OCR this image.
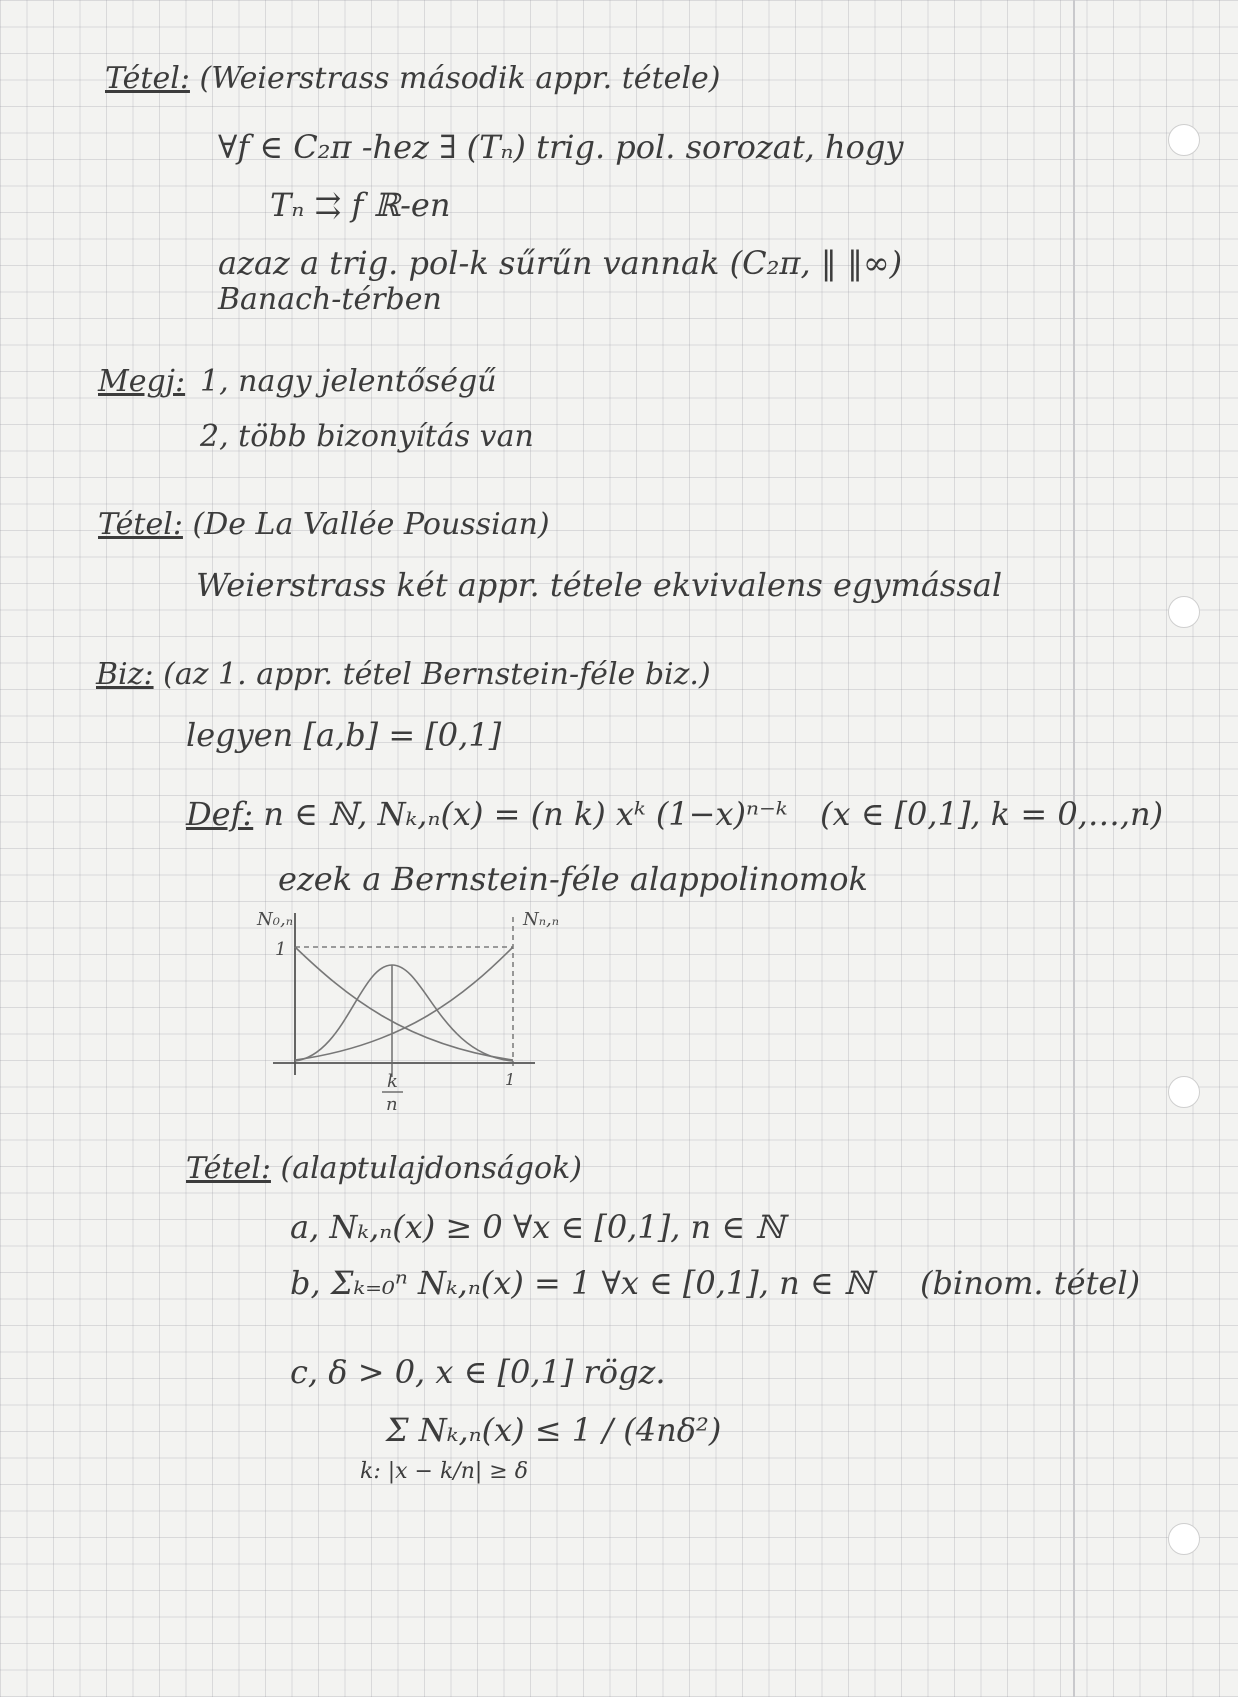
Tétel: (Weierstrass második appr. tétele)
∀f ∈ C₂π -hez ∃ (Tₙ) trig. pol. sorozat, hogy
Tₙ ⇉ f ℝ-en
azaz a trig. pol-k sűrűn vannak (C₂π, ‖ ‖∞)
Banach-térben
Megj: 1, nagy jelentőségű
2, több bizonyítás van
Tétel: (De La Vallée Poussian)
Weierstrass két appr. tétele ekvivalens egymással
Biz: (az 1. appr. tétel Bernstein-féle biz.)
legyen [a,b] = [0,1]
Def: n ∈ ℕ, Nₖ,ₙ(x) = (n k) xᵏ (1−x)ⁿ⁻ᵏ (x ∈ [0,1], k = 0,…,n)
ezek a Bernstein-féle alappolinomok
N₀,ₙ	Nₙ,ₙ
1
1
k
n
Tétel: (alaptulajdonságok)
a, Nₖ,ₙ(x) ≥ 0 ∀x ∈ [0,1], n ∈ ℕ
b, Σₖ₌₀ⁿ Nₖ,ₙ(x) = 1 ∀x ∈ [0,1], n ∈ ℕ (binom. tétel)
c, δ > 0, x ∈ [0,1] rögz.
Σ Nₖ,ₙ(x) ≤ 1 / (4nδ²)
k: |x − k/n| ≥ δ
